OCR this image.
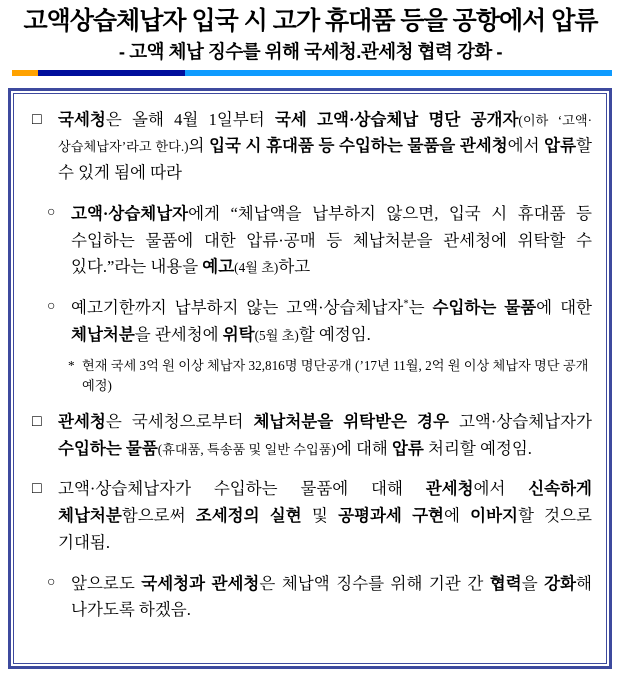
고액상습체납자 입국 시 고가 휴대품 등을 공항에서 압류
- 고액 체납 징수를 위해 국세청.관세청 협력 강화 -
□ 국세청은 올해 4월 1일부터 국세 고액·상습체납 명단 공개자(이하 ‘고액·상습체납자’라고 한다.)의 입국 시 휴대품 등 수입하는 물품을 관세청에서 압류할 수 있게 됨에 따라
○ 고액·상습체납자에게 “체납액을 납부하지 않으면, 입국 시 휴대품 등 수입하는 물품에 대한 압류·공매 등 체납처분을 관세청에 위탁할 수 있다.”라는 내용을 예고(4월 초)하고
○ 예고기한까지 납부하지 않는 고액·상습체납자*는 수입하는 물품에 대한 체납처분을 관세청에 위탁(5월 초)할 예정임.
* 현재 국세 3억 원 이상 체납자 32,816명 명단공개 (’17년 11월, 2억 원 이상 체납자 명단 공개 예정)
□ 관세청은 국세청으로부터 체납처분을 위탁받은 경우 고액·상습체납자가 수입하는 물품(휴대품, 특송품 및 일반 수입품)에 대해 압류 처리할 예정임.
□ 고액·상습체납자가 수입하는 물품에 대해 관세청에서 신속하게 체납처분함으로써 조세정의 실현 및 공평과세 구현에 이바지할 것으로 기대됨.
○ 앞으로도 국세청과 관세청은 체납액 징수를 위해 기관 간 협력을 강화해 나가도록 하겠음.
